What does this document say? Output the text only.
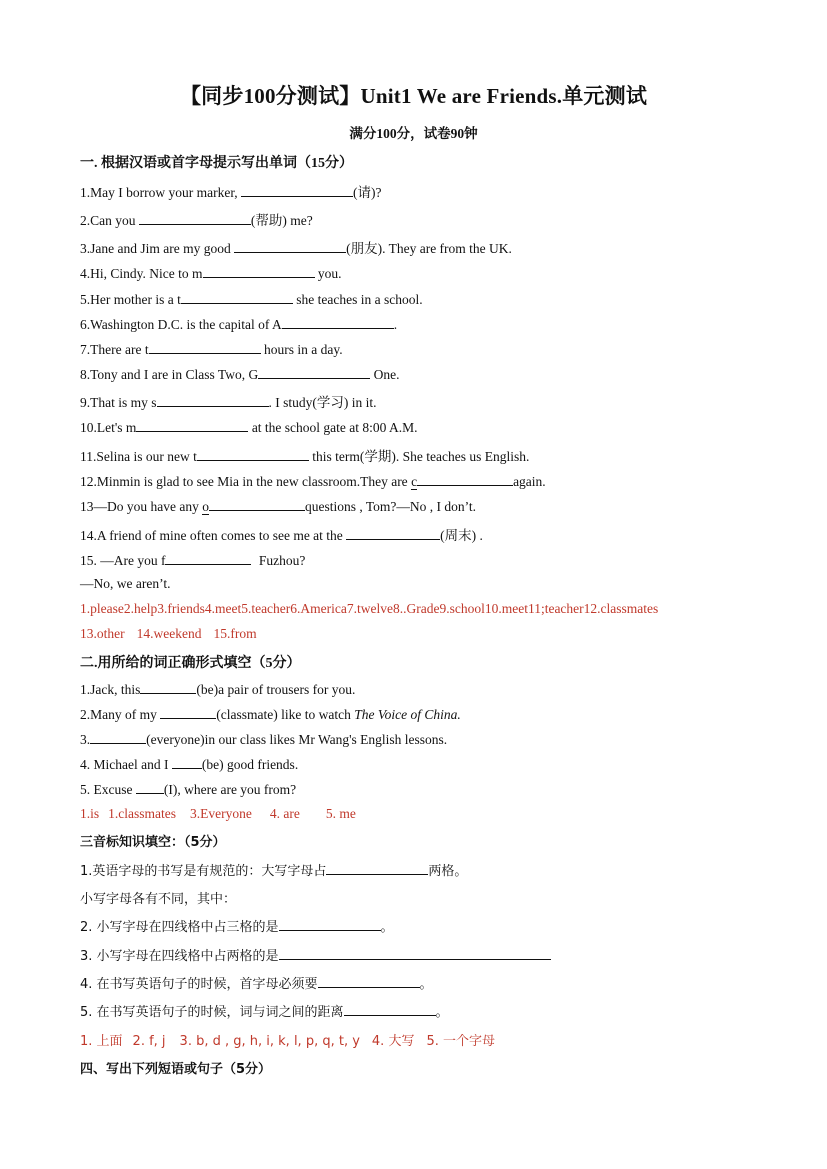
【同步100分测试】Unit1 We are Friends.单元测试
满分100分，试卷90钟
一. 根据汉语或首字母提示写出单词（15分）
1.May I borrow your marker,	(请)?
2.Can you	(帮助) me?
3.Jane and Jim are my good	(朋友). They are from the UK.
4.Hi, Cindy. Nice to m	you.
5.Her mother is a t	she teaches in a school.
6.Washington D.C. is the capital of A	.
7.There are t	hours in a day.
8.Tony and I are in Class Two, G	One.
9.That is my s	. I study(学习) in it.
10.Let's m	at the school gate at 8:00 A.M.
11.Selina is our new t	this term(学期). She teaches us English.
12.Minmin is glad to see Mia in the new classroom.They are c	again.
13—Do you have any o	questions , Tom?—No , I don’t.
14.A friend of mine often comes to see me at the	(周末) .
15. —Are you f	Fuzhou?
—No, we aren’t.
1.please2.help3.friends4.meet5.teacher6.America7.twelve8..Grade9.school10.meet11;teacher12.classmates
13.other 14.weekend 15.from
二.用所给的词正确形式填空（5分）
1.Jack, this	(be)a pair of trousers for you.
2.Many of my	(classmate) like to watch The Voice of China.
3.	(everyone)in our class likes Mr Wang's English lessons.
4. Michael and I (be) good friends.
5. Excuse (I), where are you from?
1.is 1.classmates 3.Everyone 4. are 5. me
三音标知识填空：（5分）
1.英语字母的书写是有规范的：大写字母占	两格。
小写字母各有不同，其中：
2. 小写字母在四线格中占三格的是	。
3. 小写字母在四线格中占两格的是
4. 在书写英语句子的时候，首字母必须要	。
5. 在书写英语句子的时候，词与词之间的距离	。
1. 上面 2. f, j 3. b, d , g, h, i, k, l, p, q, t, y 4. 大写 5. 一个字母
四、写出下列短语或句子（5分）
